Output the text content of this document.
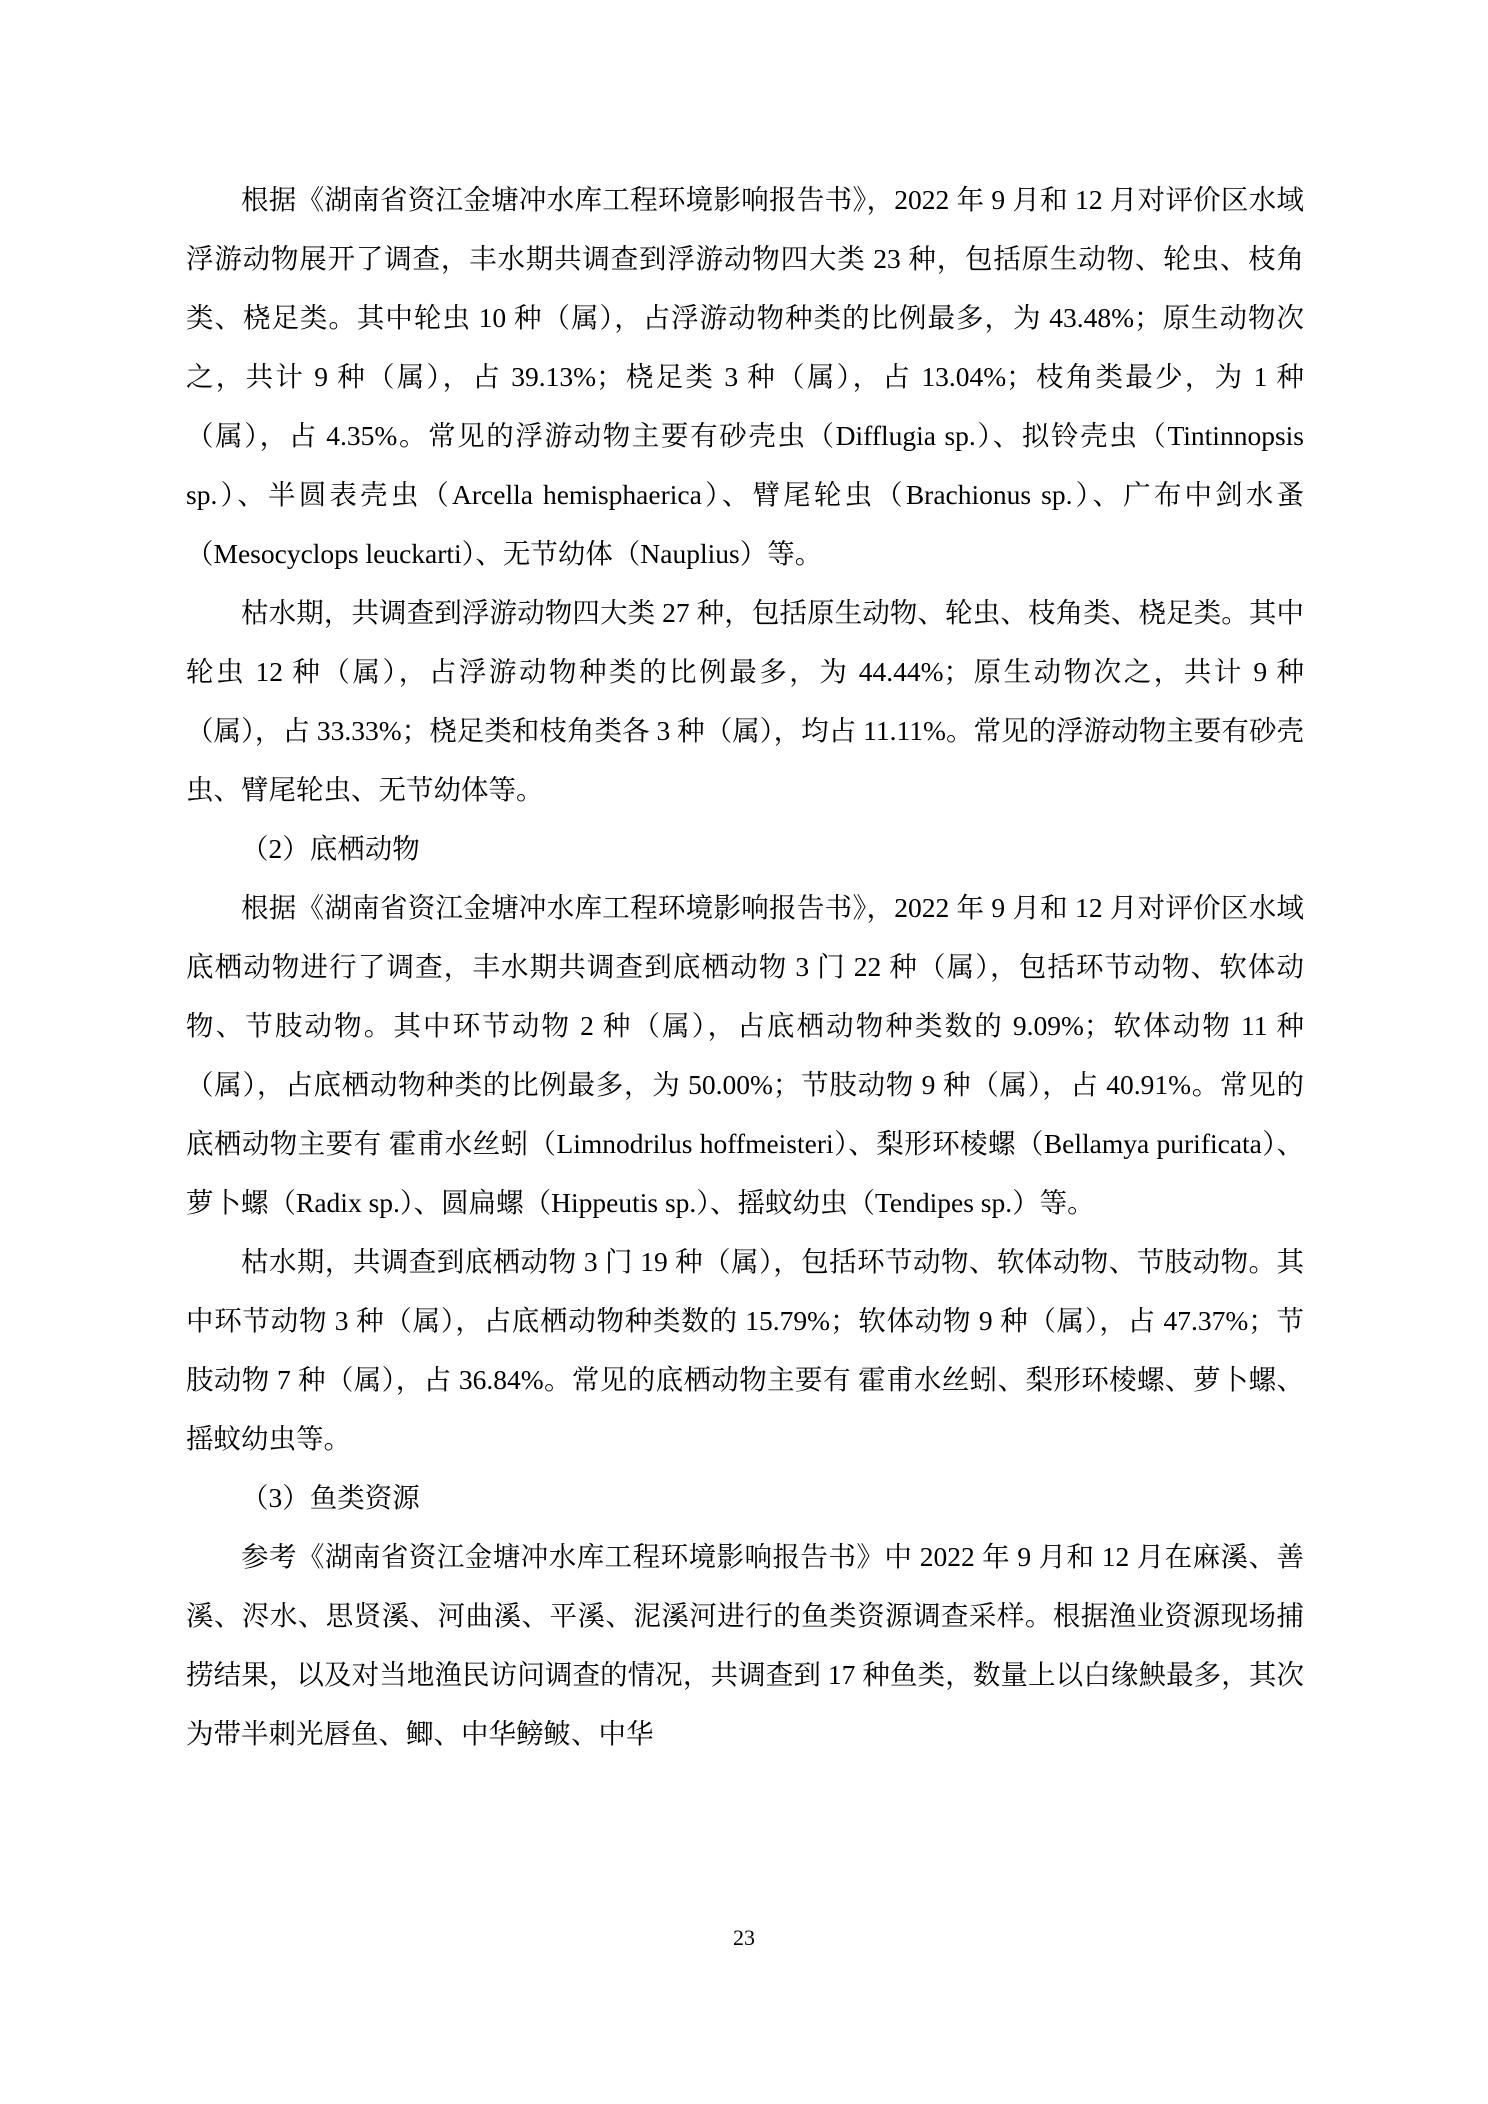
根据《湖南省资江金塘冲水库工程环境影响报告书》，2022 年 9 月和 12 月对评价区水域浮游动物展开了调查，丰水期共调查到浮游动物四大类 23 种，包括原生动物、轮虫、枝角类、桡足类。其中轮虫 10 种（属），占浮游动物种类的比例最多，为 43.48%；原生动物次之，共计 9 种（属），占 39.13%；桡足类 3 种（属），占 13.04%；枝角类最少，为 1 种（属），占 4.35%。常见的浮游动物主要有砂壳虫（Difflugia sp.）、拟铃壳虫（Tintinnopsis sp.）、半圆表壳虫（Arcella hemisphaerica）、臂尾轮虫（Brachionus sp.）、广布中剑水蚤（Mesocyclops leuckarti）、无节幼体（Nauplius）等。

枯水期，共调查到浮游动物四大类 27 种，包括原生动物、轮虫、枝角类、桡足类。其中轮虫 12 种（属），占浮游动物种类的比例最多，为 44.44%；原生动物次之，共计 9 种（属），占 33.33%；桡足类和枝角类各 3 种（属），均占 11.11%。常见的浮游动物主要有砂壳虫、臂尾轮虫、无节幼体等。

（2）底栖动物

根据《湖南省资江金塘冲水库工程环境影响报告书》，2022 年 9 月和 12 月对评价区水域底栖动物进行了调查，丰水期共调查到底栖动物 3 门 22 种（属），包括环节动物、软体动物、节肢动物。其中环节动物 2 种（属），占底栖动物种类数的 9.09%；软体动物 11 种（属），占底栖动物种类的比例最多，为 50.00%；节肢动物 9 种（属），占 40.91%。常见的底栖动物主要有 霍甫水丝蚓（Limnodrilus hoffmeisteri）、梨形环棱螺（Bellamya purificata）、萝卜螺（Radix sp.）、圆扁螺（Hippeutis sp.）、摇蚊幼虫（Tendipes sp.）等。

枯水期，共调查到底栖动物 3 门 19 种（属），包括环节动物、软体动物、节肢动物。其中环节动物 3 种（属），占底栖动物种类数的 15.79%；软体动物 9 种（属），占 47.37%；节肢动物 7 种（属），占 36.84%。常见的底栖动物主要有 霍甫水丝蚓、梨形环棱螺、萝卜螺、摇蚊幼虫等。

（3）鱼类资源

参考《湖南省资江金塘冲水库工程环境影响报告书》中 2022 年 9 月和 12 月在麻溪、善溪、浕水、思贤溪、河曲溪、平溪、泥溪河进行的鱼类资源调查采样。根据渔业资源现场捕捞结果，以及对当地渔民访问调查的情况，共调查到 17 种鱼类，数量上以白缘䱀最多，其次为带半刺光唇鱼、鲫、中华鳑鲏、中华

23
